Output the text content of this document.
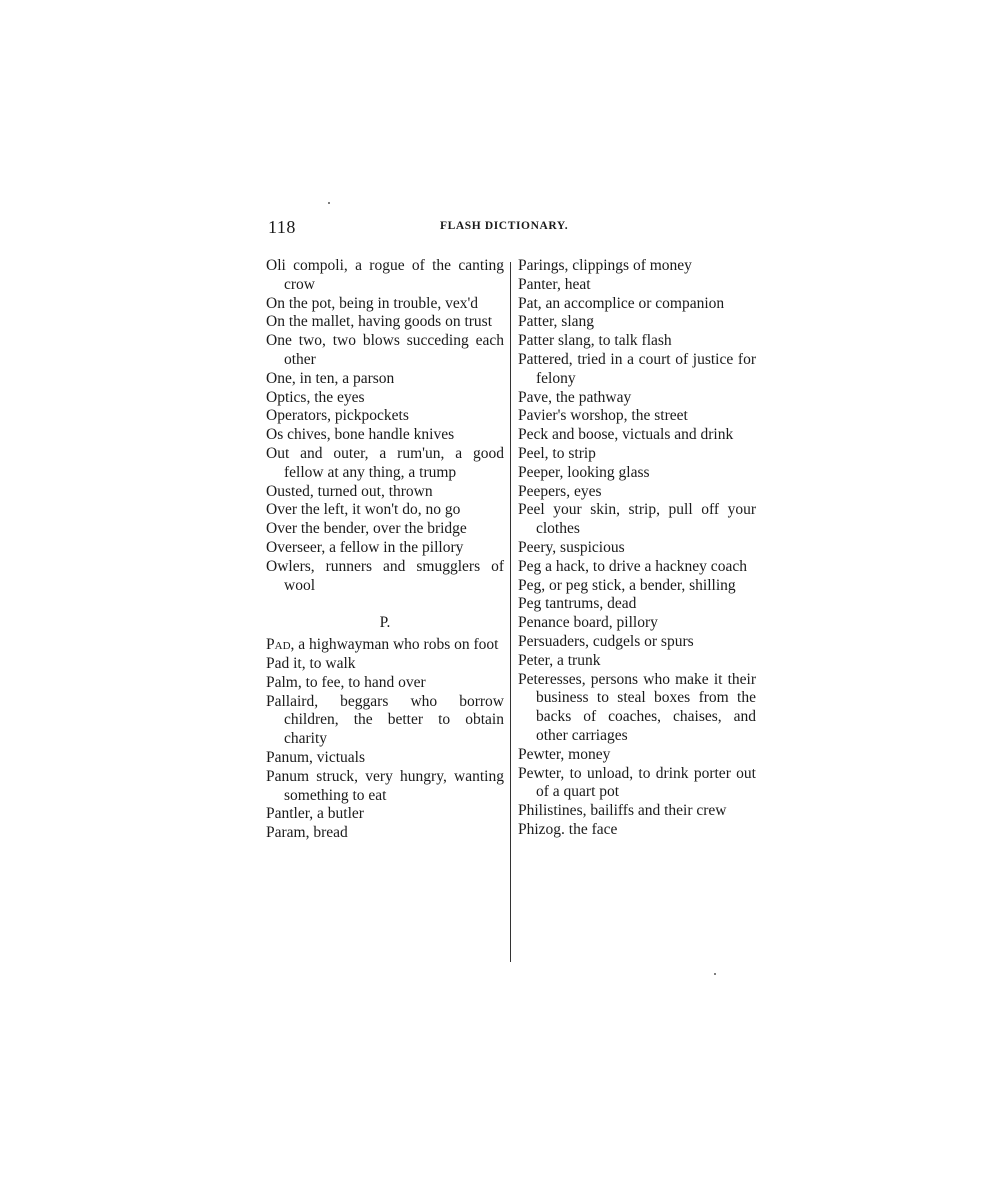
118	FLASH DICTIONARY.

Oli compoli, a rogue of the canting crow

On the pot, being in trouble, vex'd

On the mallet, having goods on trust

One two, two blows succeding each other

One, in ten, a parson

Optics, the eyes

Operators, pickpockets

Os chives, bone handle knives

Out and outer, a rum'un, a good fellow at any thing, a trump

Ousted, turned out, thrown

Over the left, it won't do, no go

Over the bender, over the bridge

Overseer, a fellow in the pillory

Owlers, runners and smugglers of wool

P.

Pad, a highwayman who robs on foot

Pad it, to walk

Palm, to fee, to hand over

Pallaird, beggars who borrow children, the better to obtain charity

Panum, victuals

Panum struck, very hungry, wanting something to eat

Pantler, a butler

Param, bread

Parings, clippings of money

Panter, heat

Pat, an accomplice or companion

Patter, slang

Patter slang, to talk flash

Pattered, tried in a court of justice for felony

Pave, the pathway

Pavier's worshop, the street

Peck and boose, victuals and drink

Peel, to strip

Peeper, looking glass

Peepers, eyes

Peel your skin, strip, pull off your clothes

Peery, suspicious

Peg a hack, to drive a hackney coach

Peg, or peg stick, a bender, shilling

Peg tantrums, dead

Penance board, pillory

Persuaders, cudgels or spurs

Peter, a trunk

Peteresses, persons who make it their business to steal boxes from the backs of coaches, chaises, and other carriages

Pewter, money

Pewter, to unload, to drink porter out of a quart pot

Philistines, bailiffs and their crew

Phizog. the face
